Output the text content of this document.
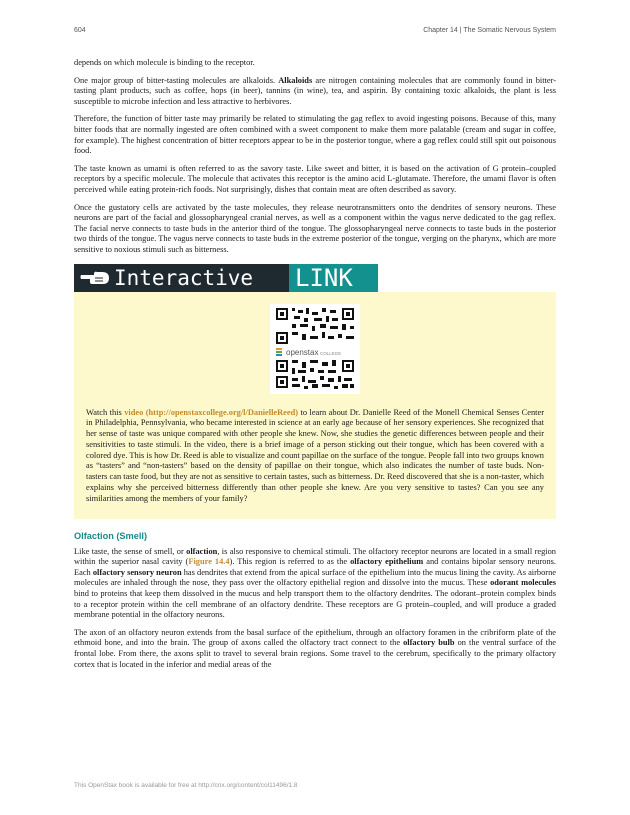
604	Chapter 14 | The Somatic Nervous System

depends on which molecule is binding to the receptor.

One major group of bitter-tasting molecules are alkaloids. Alkaloids are nitrogen containing molecules that are commonly found in bitter-tasting plant products, such as coffee, hops (in beer), tannins (in wine), tea, and aspirin. By containing toxic alkaloids, the plant is less susceptible to microbe infection and less attractive to herbivores.

Therefore, the function of bitter taste may primarily be related to stimulating the gag reflex to avoid ingesting poisons. Because of this, many bitter foods that are normally ingested are often combined with a sweet component to make them more palatable (cream and sugar in coffee, for example). The highest concentration of bitter receptors appear to be in the posterior tongue, where a gag reflex could still spit out poisonous food.

The taste known as umami is often referred to as the savory taste. Like sweet and bitter, it is based on the activation of G protein–coupled receptors by a specific molecule. The molecule that activates this receptor is the amino acid L-glutamate. Therefore, the umami flavor is often perceived while eating protein-rich foods. Not surprisingly, dishes that contain meat are often described as savory.

Once the gustatory cells are activated by the taste molecules, they release neurotransmitters onto the dendrites of sensory neurons. These neurons are part of the facial and glossopharyngeal cranial nerves, as well as a component within the vagus nerve dedicated to the gag reflex. The facial nerve connects to taste buds in the anterior third of the tongue. The glossopharyngeal nerve connects to taste buds in the posterior two thirds of the tongue. The vagus nerve connects to taste buds in the extreme posterior of the tongue, verging on the pharynx, which are more sensitive to noxious stimuli such as bitterness.

Interactive LINK
openstax COLLEGE

Watch this video (http://openstaxcollege.org/l/DanielleReed) to learn about Dr. Danielle Reed of the Monell Chemical Senses Center in Philadelphia, Pennsylvania, who became interested in science at an early age because of her sensory experiences. She recognized that her sense of taste was unique compared with other people she knew. Now, she studies the genetic differences between people and their sensitivities to taste stimuli. In the video, there is a brief image of a person sticking out their tongue, which has been covered with a colored dye. This is how Dr. Reed is able to visualize and count papillae on the surface of the tongue. People fall into two groups known as “tasters” and “non-tasters” based on the density of papillae on their tongue, which also indicates the number of taste buds. Non-tasters can taste food, but they are not as sensitive to certain tastes, such as bitterness. Dr. Reed discovered that she is a non-taster, which explains why she perceived bitterness differently than other people she knew. Are you very sensitive to tastes? Can you see any similarities among the members of your family?

Olfaction (Smell)

Like taste, the sense of smell, or olfaction, is also responsive to chemical stimuli. The olfactory receptor neurons are located in a small region within the superior nasal cavity (Figure 14.4). This region is referred to as the olfactory epithelium and contains bipolar sensory neurons. Each olfactory sensory neuron has dendrites that extend from the apical surface of the epithelium into the mucus lining the cavity. As airborne molecules are inhaled through the nose, they pass over the olfactory epithelial region and dissolve into the mucus. These odorant molecules bind to proteins that keep them dissolved in the mucus and help transport them to the olfactory dendrites. The odorant–protein complex binds to a receptor protein within the cell membrane of an olfactory dendrite. These receptors are G protein–coupled, and will produce a graded membrane potential in the olfactory neurons.

The axon of an olfactory neuron extends from the basal surface of the epithelium, through an olfactory foramen in the cribriform plate of the ethmoid bone, and into the brain. The group of axons called the olfactory tract connect to the olfactory bulb on the ventral surface of the frontal lobe. From there, the axons split to travel to several brain regions. Some travel to the cerebrum, specifically to the primary olfactory cortex that is located in the inferior and medial areas of the

This OpenStax book is available for free at http://cnx.org/content/col11496/1.8
